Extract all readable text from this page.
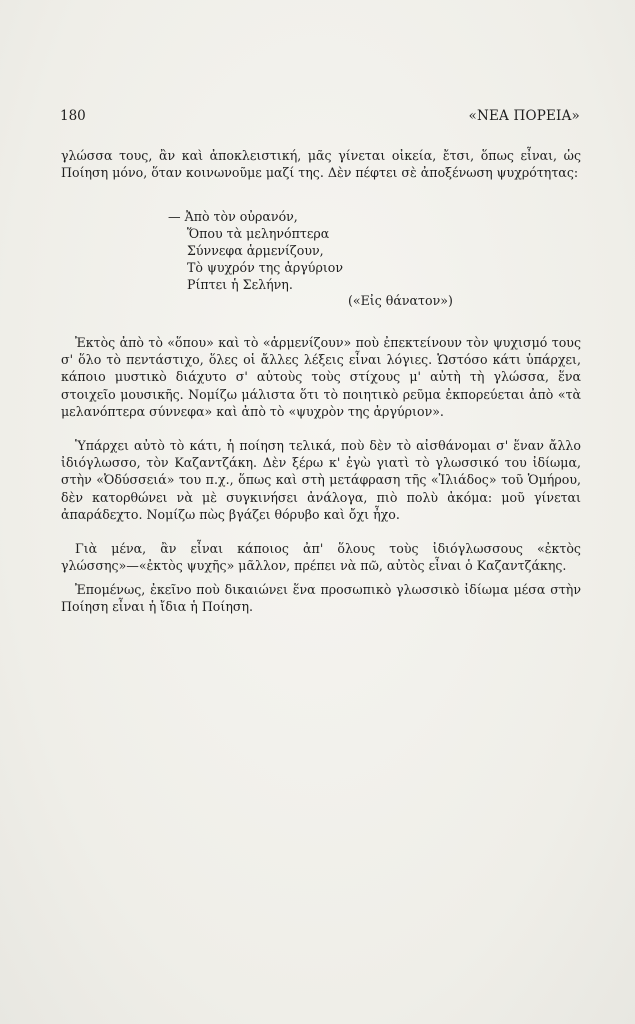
180	«ΝΕΑ ΠΟΡΕΙΑ»
γλώσσα τους, ἂν καὶ ἀποκλειστική, μᾶς γίνεται οἰκεία, ἔτσι, ὅπως εἶναι, ὡς Ποίηση μόνο, ὅταν κοινωνοῦμε μαζί της. Δὲν πέφτει σὲ ἀποξένωση ψυχρότητας:
— Ἀπὸ τὸν οὐρανόν,
Ὅπου τὰ μεληνόπτερα
Σύννεφα ἁρμενίζουν,
Τὸ ψυχρόν της ἀργύριον
Ρίπτει ἡ Σελήνη.
(«Εἰς θάνατον»)
Ἐκτὸς ἀπὸ τὸ «ὅπου» καὶ τὸ «ἁρμενίζουν» ποὺ ἐπεκτείνουν τὸν ψυχισμό τους σ' ὅλο τὸ πεντάστιχο, ὅλες οἱ ἄλλες λέξεις εἶναι λόγιες. Ὡστόσο κάτι ὑπάρχει, κάποιο μυστικὸ διάχυτο σ' αὐτοὺς τοὺς στίχους μ' αὐτὴ τὴ γλώσσα, ἕνα στοιχεῖο μουσικῆς. Νομίζω μάλιστα ὅτι τὸ ποιητικὸ ρεῦμα ἐκπορεύεται ἀπὸ «τὰ μελανόπτερα σύννεφα» καὶ ἀπὸ τὸ «ψυχρὸν της ἀργύριον».
Ὑπάρχει αὐτὸ τὸ κάτι, ἡ ποίηση τελικά, ποὺ δὲν τὸ αἰσθάνομαι σ' ἕναν ἄλλο ἰδιόγλωσσο, τὸν Καζαντζάκη. Δὲν ξέρω κ' ἐγὼ γιατὶ τὸ γλωσσικό του ἰδίωμα, στὴν «Ὀδύσσειά» του π.χ., ὅπως καὶ στὴ μετάφραση τῆς «Ἰλιάδος» τοῦ Ὁμήρου, δὲν κατορθώνει νὰ μὲ συγκινήσει ἀνάλογα, πιὸ πολὺ ἀκόμα: μοῦ γίνεται ἀπαράδεχτο. Νομίζω πὼς βγάζει θόρυβο καὶ ὄχι ἦχο.
Γιὰ μένα, ἂν εἶναι κάποιος ἀπ' ὅλους τοὺς ἰδιόγλωσσους «ἐκτὸς γλώσσης»—«ἐκτὸς ψυχῆς» μᾶλλον, πρέπει νὰ πῶ, αὐτὸς εἶναι ὁ Καζαντζάκης.
Ἐπομένως, ἐκεῖνο ποὺ δικαιώνει ἕνα προσωπικὸ γλωσσικὸ ἰδίωμα μέσα στὴν Ποίηση εἶναι ἡ ἴδια ἡ Ποίηση.
